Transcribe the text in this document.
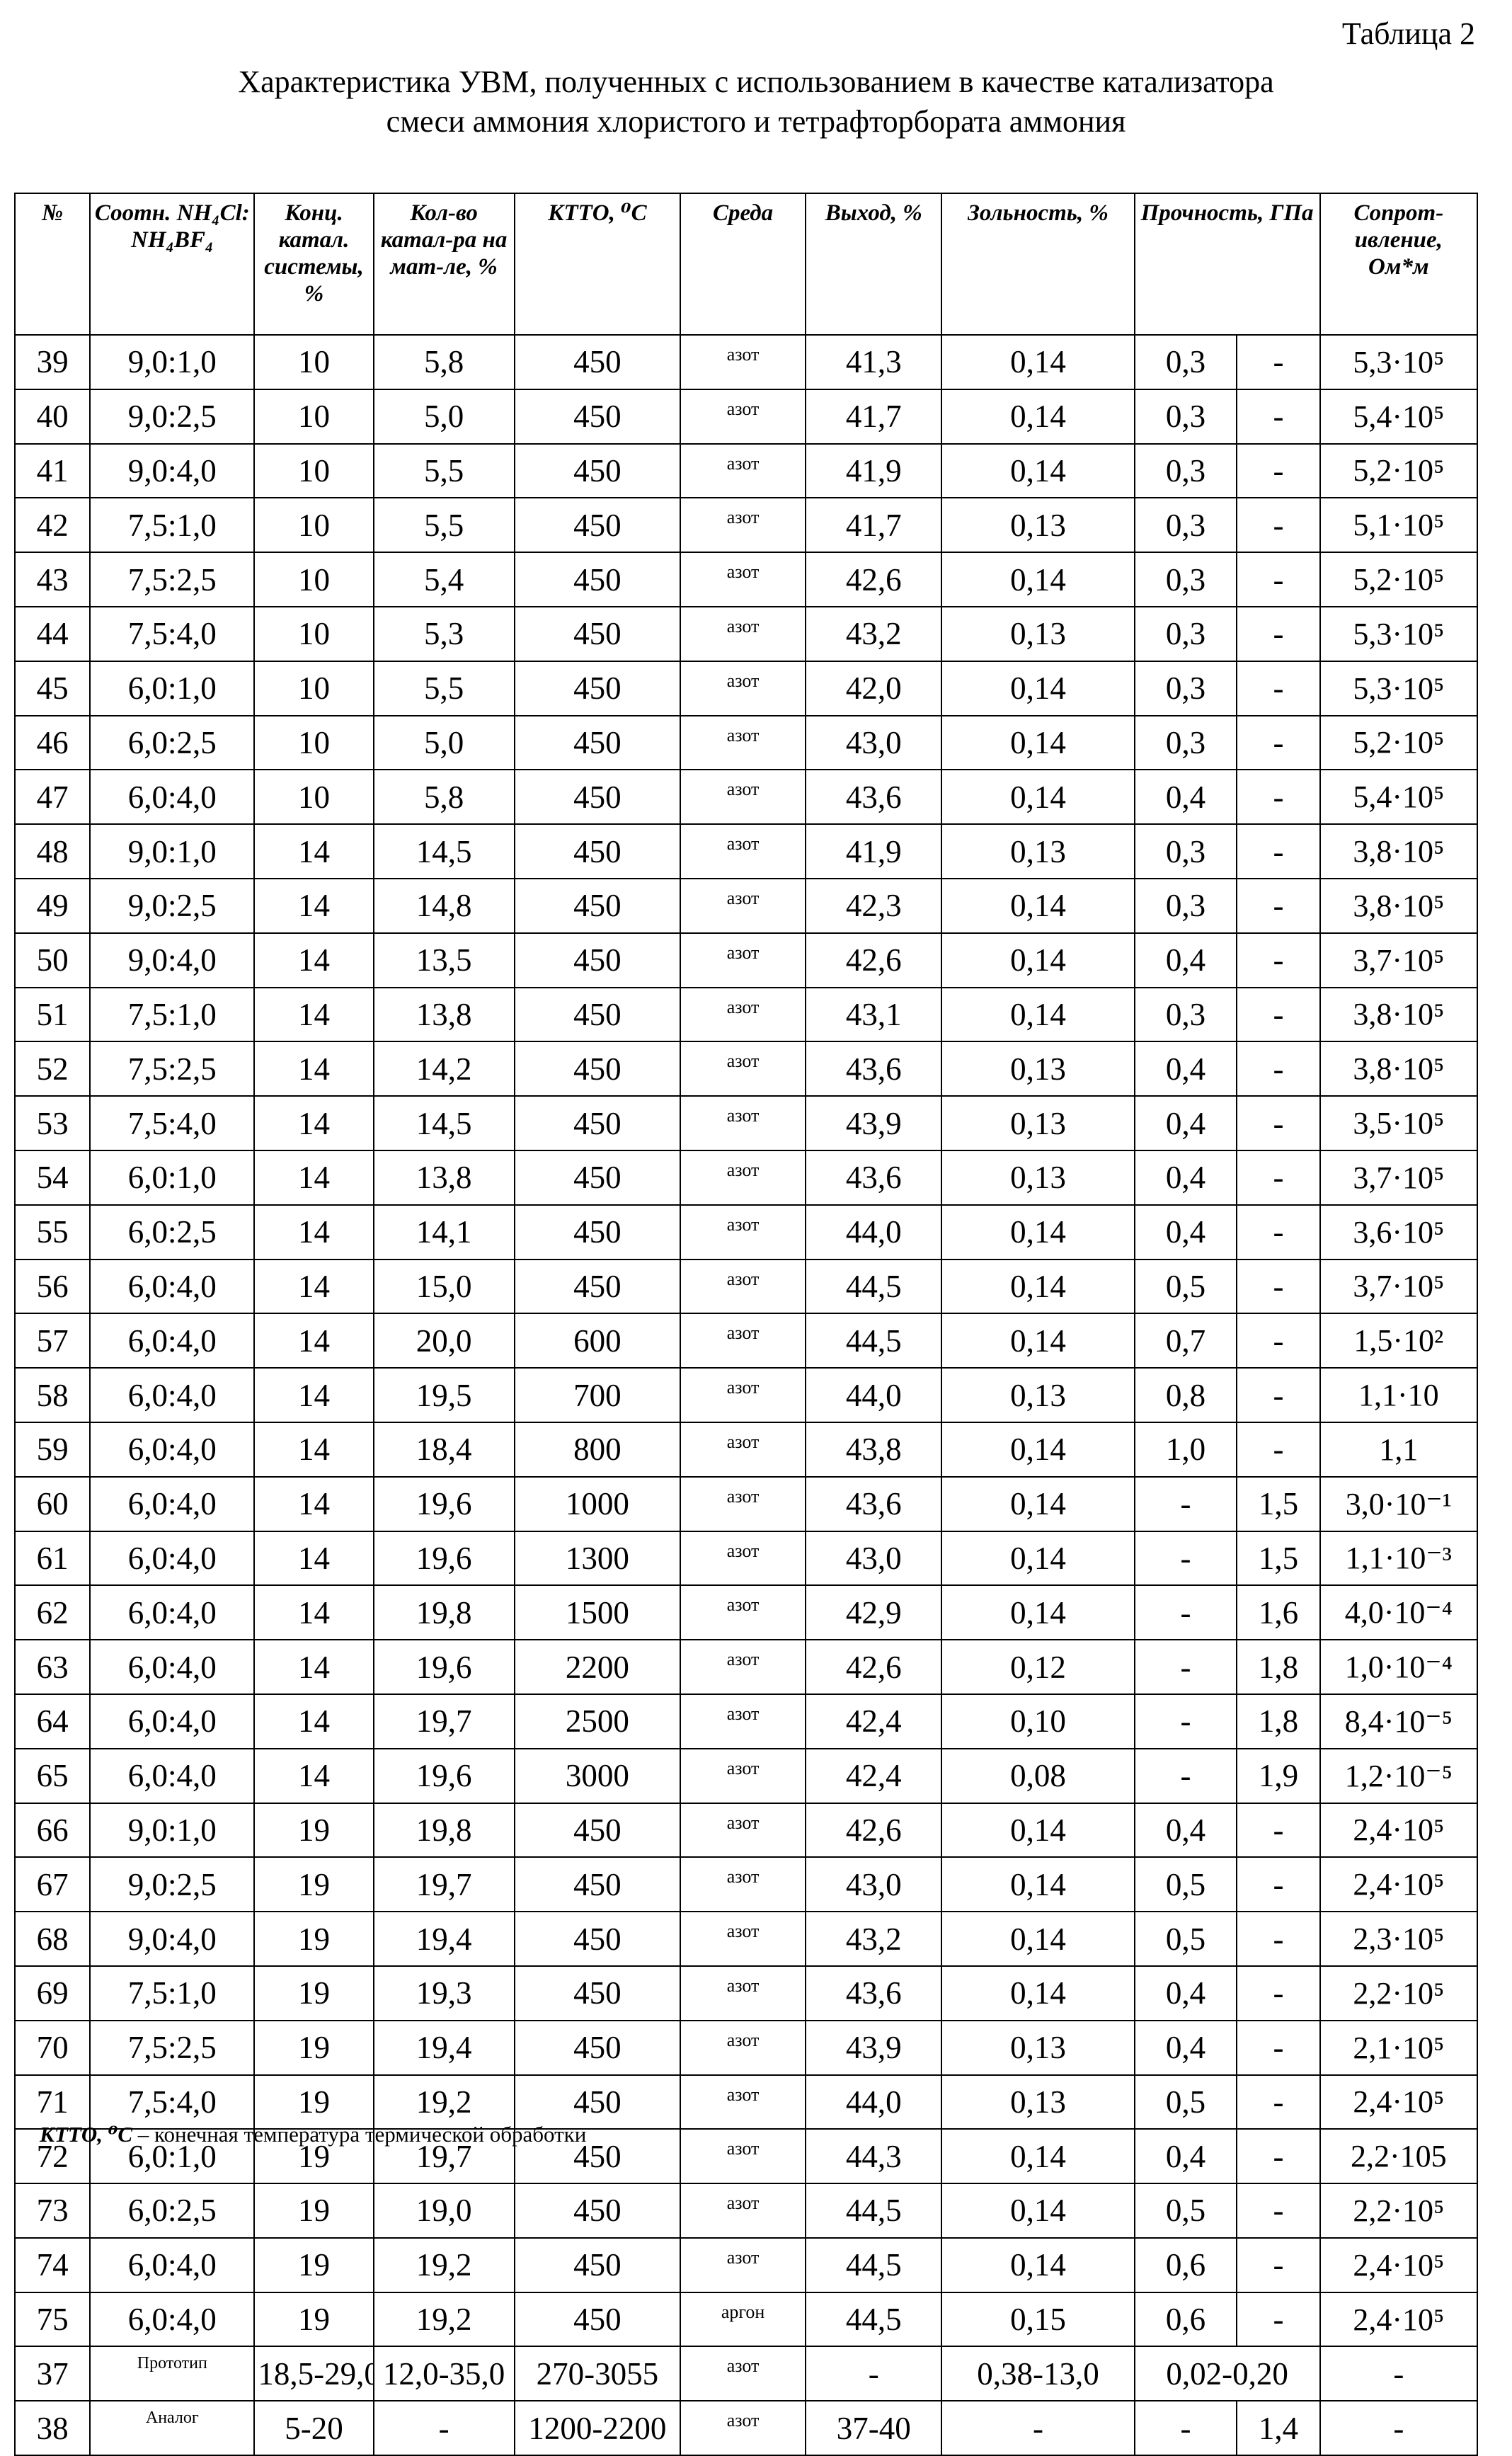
Таблица 2
Характеристика УВМ, полученных с использованием в качестве катализатора
смеси аммония хлористого и тетрафторбората аммония
№	Соотн. NH₄Cl: NH₄BF₄	Конц. катал. системы, %	Кол-во катал-ра на мат-ле, %	КТТО, ⁰С	Среда	Выход, %	Зольность, %	Прочность, ГПа	Сопрот-ивление, Ом*м
39	9,0:1,0	10	5,8	450	азот	41,3	0,14	0,3	-	5,3·10⁵
40	9,0:2,5	10	5,0	450	азот	41,7	0,14	0,3	-	5,4·10⁵
41	9,0:4,0	10	5,5	450	азот	41,9	0,14	0,3	-	5,2·10⁵
42	7,5:1,0	10	5,5	450	азот	41,7	0,13	0,3	-	5,1·10⁵
43	7,5:2,5	10	5,4	450	азот	42,6	0,14	0,3	-	5,2·10⁵
44	7,5:4,0	10	5,3	450	азот	43,2	0,13	0,3	-	5,3·10⁵
45	6,0:1,0	10	5,5	450	азот	42,0	0,14	0,3	-	5,3·10⁵
46	6,0:2,5	10	5,0	450	азот	43,0	0,14	0,3	-	5,2·10⁵
47	6,0:4,0	10	5,8	450	азот	43,6	0,14	0,4	-	5,4·10⁵
48	9,0:1,0	14	14,5	450	азот	41,9	0,13	0,3	-	3,8·10⁵
49	9,0:2,5	14	14,8	450	азот	42,3	0,14	0,3	-	3,8·10⁵
50	9,0:4,0	14	13,5	450	азот	42,6	0,14	0,4	-	3,7·10⁵
51	7,5:1,0	14	13,8	450	азот	43,1	0,14	0,3	-	3,8·10⁵
52	7,5:2,5	14	14,2	450	азот	43,6	0,13	0,4	-	3,8·10⁵
53	7,5:4,0	14	14,5	450	азот	43,9	0,13	0,4	-	3,5·10⁵
54	6,0:1,0	14	13,8	450	азот	43,6	0,13	0,4	-	3,7·10⁵
55	6,0:2,5	14	14,1	450	азот	44,0	0,14	0,4	-	3,6·10⁵
56	6,0:4,0	14	15,0	450	азот	44,5	0,14	0,5	-	3,7·10⁵
57	6,0:4,0	14	20,0	600	азот	44,5	0,14	0,7	-	1,5·10²
58	6,0:4,0	14	19,5	700	азот	44,0	0,13	0,8	-	1,1·10
59	6,0:4,0	14	18,4	800	азот	43,8	0,14	1,0	-	1,1
60	6,0:4,0	14	19,6	1000	азот	43,6	0,14	-	1,5	3,0·10⁻¹
61	6,0:4,0	14	19,6	1300	азот	43,0	0,14	-	1,5	1,1·10⁻³
62	6,0:4,0	14	19,8	1500	азот	42,9	0,14	-	1,6	4,0·10⁻⁴
63	6,0:4,0	14	19,6	2200	азот	42,6	0,12	-	1,8	1,0·10⁻⁴
64	6,0:4,0	14	19,7	2500	азот	42,4	0,10	-	1,8	8,4·10⁻⁵
65	6,0:4,0	14	19,6	3000	азот	42,4	0,08	-	1,9	1,2·10⁻⁵
66	9,0:1,0	19	19,8	450	азот	42,6	0,14	0,4	-	2,4·10⁵
67	9,0:2,5	19	19,7	450	азот	43,0	0,14	0,5	-	2,4·10⁵
68	9,0:4,0	19	19,4	450	азот	43,2	0,14	0,5	-	2,3·10⁵
69	7,5:1,0	19	19,3	450	азот	43,6	0,14	0,4	-	2,2·10⁵
70	7,5:2,5	19	19,4	450	азот	43,9	0,13	0,4	-	2,1·10⁵
71	7,5:4,0	19	19,2	450	азот	44,0	0,13	0,5	-	2,4·10⁵
72	6,0:1,0	19	19,7	450	азот	44,3	0,14	0,4	-	2,2·105
73	6,0:2,5	19	19,0	450	азот	44,5	0,14	0,5	-	2,2·10⁵
74	6,0:4,0	19	19,2	450	азот	44,5	0,14	0,6	-	2,4·10⁵
75	6,0:4,0	19	19,2	450	аргон	44,5	0,15	0,6	-	2,4·10⁵
37	Прототип	18,5-29,0	12,0-35,0	270-3055	азот	-	0,38-13,0	0,02-0,20	-
38	Аналог	5-20	-	1200-2200	азот	37-40	-	-	1,4	-
КТТО, ⁰С – конечная температура термической обработки
